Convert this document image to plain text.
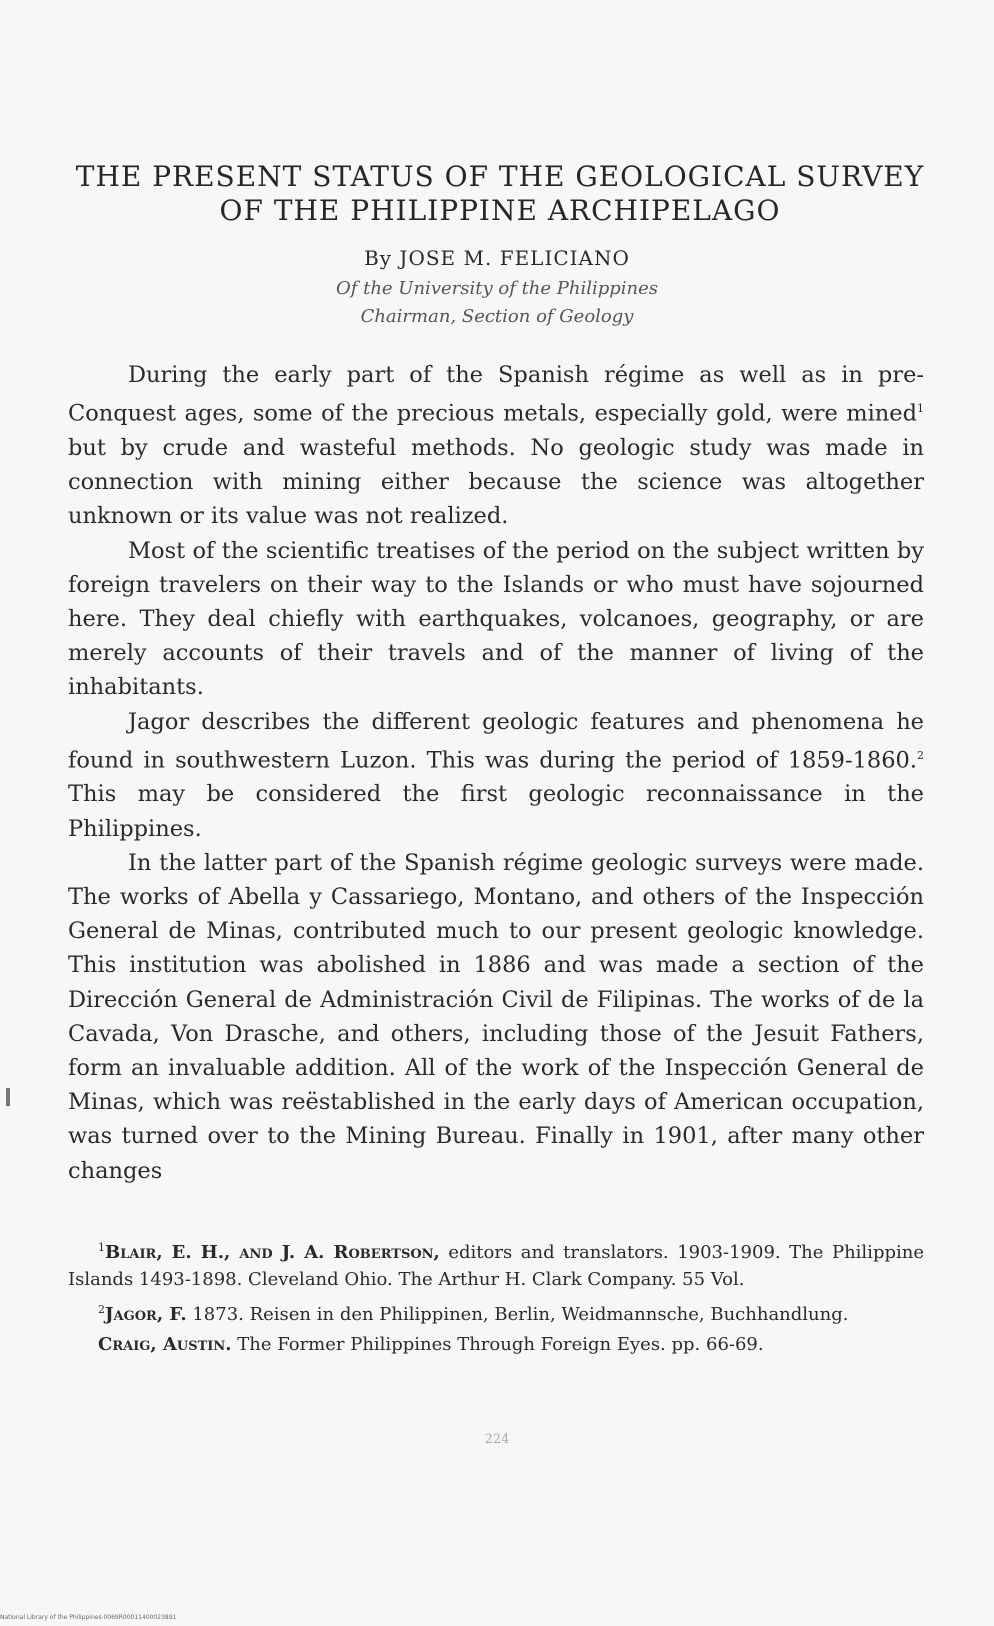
THE PRESENT STATUS OF THE GEOLOGICAL SURVEY
OF THE PHILIPPINE ARCHIPELAGO
By JOSE M. FELICIANO
Of the University of the Philippines
Chairman, Section of Geology

During the early part of the Spanish régime as well as in pre-Conquest ages, some of the precious metals, especially gold, were mined$^1$ but by crude and wasteful methods. No geologic study was made in connection with mining either because the science was altogether unknown or its value was not realized.

Most of the scientific treatises of the period on the subject written by foreign travelers on their way to the Islands or who must have sojourned here. They deal chiefly with earthquakes, volcanoes, geography, or are merely accounts of their travels and of the manner of living of the inhabitants.

Jagor describes the different geologic features and phenomena he found in southwestern Luzon. This was during the period of 1859-1860.$^2$ This may be considered the first geologic reconnaissance in the Philippines.

In the latter part of the Spanish régime geologic surveys were made. The works of Abella y Cassariego, Montano, and others of the Inspección General de Minas, contributed much to our present geologic knowledge. This institution was abolished in 1886 and was made a section of the Dirección General de Administración Civil de Filipinas. The works of de la Cavada, Von Drasche, and others, including those of the Jesuit Fathers, form an invaluable addition. All of the work of the Inspección General de Minas, which was reëstablished in the early days of American occupation, was turned over to the Mining Bureau. Finally in 1901, after many other changes

$^1$Blair, E. H., and J. A. Robertson, editors and translators. 1903-1909. The Philippine Islands 1493-1898. Cleveland Ohio. The Arthur H. Clark Company. 55 Vol.

$^2$Jagor, F. 1873. Reisen in den Philippinen, Berlin, Weidmannsche, Buchhandlung.

Craig, Austin. The Former Philippines Through Foreign Eyes. pp. 66-69.

224
National Library of the Philippines 0069R00011400023891
